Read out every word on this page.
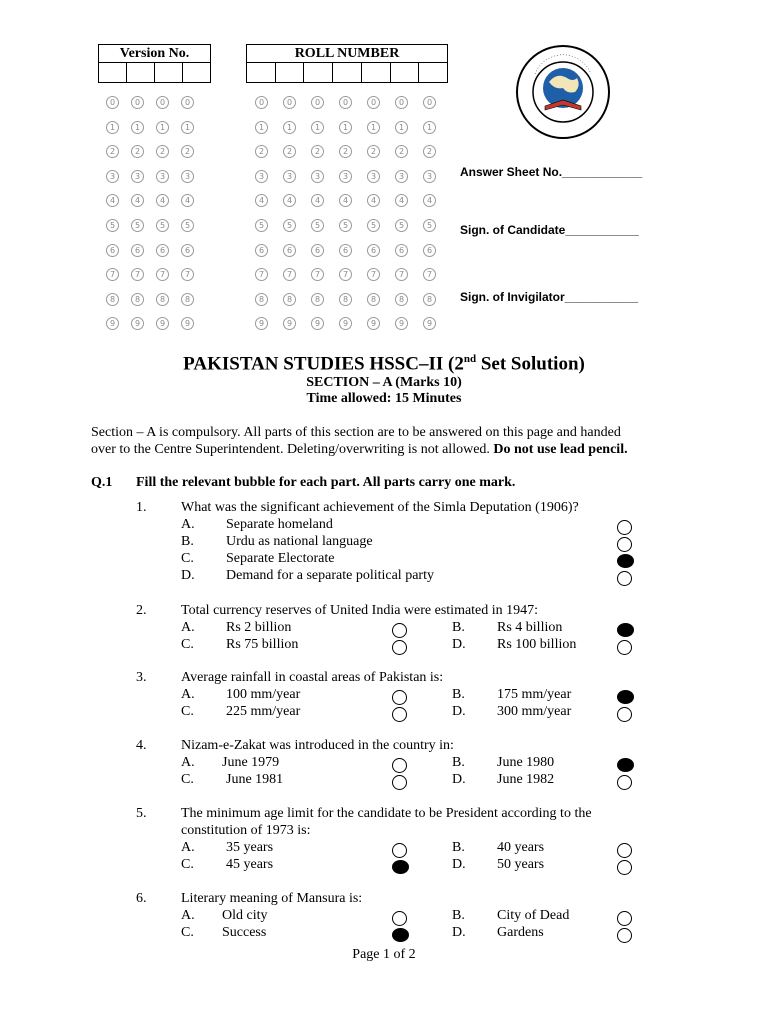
Version No.	ROLL NUMBER
0	0	0	0	0	0	0	0	0	0	0
1	1	1	1	1	1	1	1	1	1	1
2	2	2	2	2	2	2	2	2	2	2
3	3	3	3	3	3	3	3	3	3	3
4	4	4	4	4	4	4	4	4	4	4
5	5	5	5	5	5	5	5	5	5	5
6	6	6	6	6	6	6	6	6	6	6
7	7	7	7	7	7	7	7	7	7	7
8	8	8	8	8	8	8	8	8	8	8
9	9	9	9	9	9	9	9	9	9	9
Answer Sheet No.____________
Sign. of Candidate___________
Sign. of Invigilator___________
PAKISTAN STUDIES HSSC–II (2nd Set Solution)
SECTION – A (Marks 10)
Time allowed: 15 Minutes
Section – A is compulsory. All parts of this section are to be answered on this page and handed
over to the Centre Superintendent. Deleting/overwriting is not allowed. Do not use lead pencil.
Q.1 Fill the relevant bubble for each part. All parts carry one mark.
1. What was the significant achievement of the Simla Deputation (1906)?
A. Separate homeland
B. Urdu as national language
C. Separate Electorate
D. Demand for a separate political party
2. Total currency reserves of United India were estimated in 1947:
A. Rs 2 billion	B. Rs 4 billion
C. Rs 75 billion	D. Rs 100 billion
3. Average rainfall in coastal areas of Pakistan is:
A. 100 mm/year	B. 175 mm/year
C. 225 mm/year	D. 300 mm/year
4. Nizam-e-Zakat was introduced in the country in:
A. June 1979	B. June 1980
C. June 1981	D. June 1982
5. The minimum age limit for the candidate to be President according to the
constitution of 1973 is:
A. 35 years	B. 40 years
C. 45 years	D. 50 years
6. Literary meaning of Mansura is:
A. Old city	B. City of Dead
C. Success	D. Gardens
Page 1 of 2
